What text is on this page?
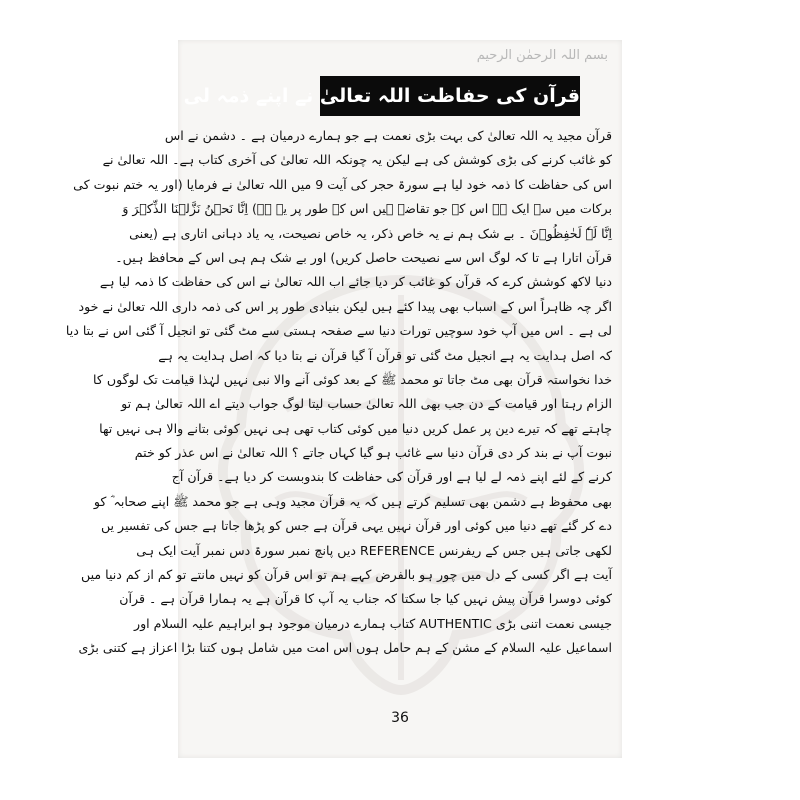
بسم اللہ الرحمٰن الرحیم
قرآن کی حفاظت اللہ تعالیٰ نے اپنے ذمہ لی ہے
قرآن مجید یہ اللہ تعالیٰ کی بہت بڑی نعمت ہے جو ہمارے درمیان ہے ۔ دشمن نے اس
کو غائب کرنے کی بڑی کوشش کی ہے لیکن یہ چونکہ اللہ تعالیٰ کی آخری کتاب ہے۔ اللہ تعالیٰ نے
اس کی حفاظت کا ذمہ خود لیا ہے سورۃ حجر کی آیت 9 میں اللہ تعالیٰ نے فرمایا (اور یہ ختم نبوت کی
برکات میں سے ایک ہے اس کے جو تقاضے ہیں اس کے طور پر یہ ہے) اِنَّا نَحۡنُ نَزَّلۡنَا الذِّکۡرَ وَ
اِنَّا لَہٗ لَحٰفِظُوۡنَ ۔ بے شک ہم نے یہ خاص ذکر، یہ خاص نصیحت، یہ یاد دہانی اتاری ہے (یعنی
قرآن اتارا ہے تا کہ لوگ اس سے نصیحت حاصل کریں) اور بے شک ہم ہی اس کے محافظ ہیں۔
دنیا لاکھ کوشش کرے کہ قرآن کو غائب کر دیا جائے اب اللہ تعالیٰ نے اس کی حفاظت کا ذمہ لیا ہے
اگر چہ ظاہراً اس کے اسباب بھی پیدا کئے ہیں لیکن بنیادی طور پر اس کی ذمہ داری اللہ تعالیٰ نے خود
لی ہے ۔ اس میں آپ خود سوچیں تورات دنیا سے صفحہ ہستی سے مٹ گئی تو انجیل آ گئی اس نے بتا دیا
کہ اصل ہدایت یہ ہے انجیل مٹ گئی تو قرآن آ گیا قرآن نے بتا دیا کہ اصل ہدایت یہ ہے
خدا نخواستہ قرآن بھی مٹ جاتا تو محمد ﷺ کے بعد کوئی آنے والا نبی نہیں لہٰذا قیامت تک لوگوں کا
الزام رہتا اور قیامت کے دن جب بھی اللہ تعالیٰ حساب لیتا لوگ جواب دیتے اے اللہ تعالیٰ ہم تو
چاہتے تھے کہ تیرے دین پر عمل کریں دنیا میں کوئی کتاب تھی ہی نہیں کوئی بتانے والا ہی نہیں تھا
نبوت آپ نے بند کر دی قرآن دنیا سے غائب ہو گیا کہاں جاتے ؟ اللہ تعالیٰ نے اس عذر کو ختم
کرنے کے لئے اپنے ذمہ لے لیا ہے اور قرآن کی حفاظت کا بندوبست کر دیا ہے۔ قرآن آج
بھی محفوظ ہے دشمن بھی تسلیم کرتے ہیں کہ یہ قرآن مجید وہی ہے جو محمد ﷺ اپنے صحابہ ؓ کو
دے کر گئے تھے دنیا میں کوئی اور قرآن نہیں یہی قرآن ہے جس کو پڑھا جاتا ہے جس کی تفسیر یں
لکھی جاتی ہیں جس کے ریفرنس REFERENCE دیں پانچ نمبر سورۃ دس نمبر آیت ایک ہی
آیت ہے اگر کسی کے دل میں چور ہو بالفرض کہے ہم تو اس قرآن کو نہیں مانتے تو کم از کم دنیا میں
کوئی دوسرا قرآن پیش نہیں کیا جا سکتا کہ جناب یہ آپ کا قرآن ہے یہ ہمارا قرآن ہے ۔ قرآن
جیسی نعمت اتنی بڑی AUTHENTIC کتاب ہمارے درمیان موجود ہو ابراہیم علیہ السلام اور
اسماعیل علیہ السلام کے مشن کے ہم حامل ہوں اس امت میں شامل ہوں کتنا بڑا اعزاز ہے کتنی بڑی
36
